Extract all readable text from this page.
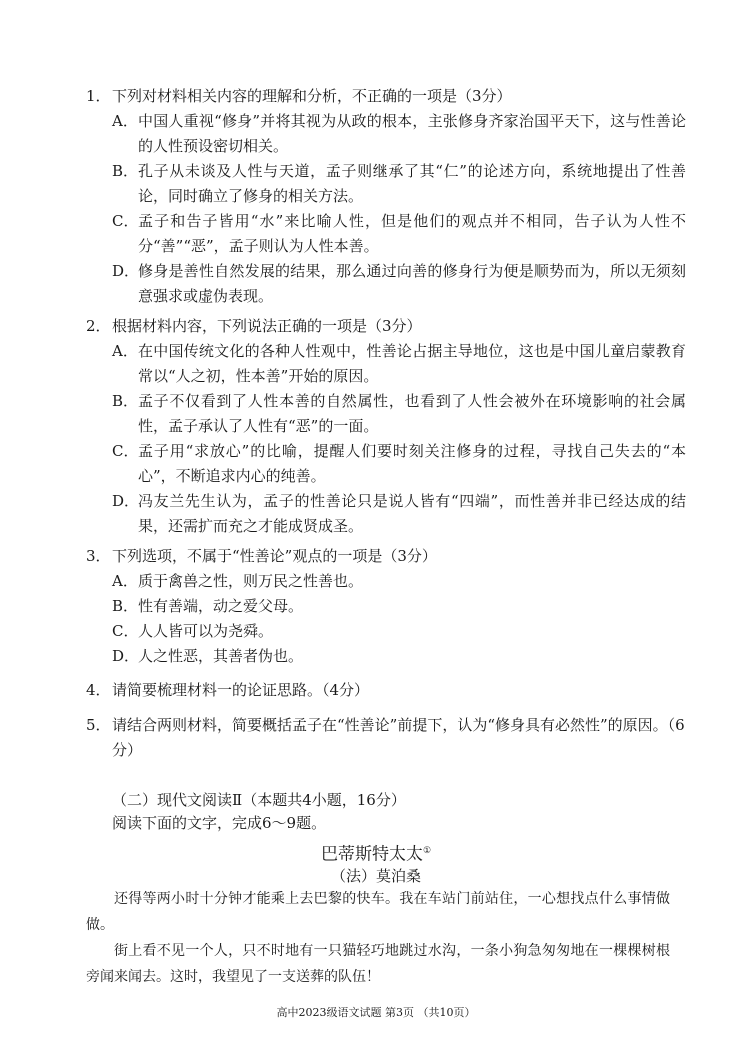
1． 下列对材料相关内容的理解和分析，不正确的一项是（3分）
A． 中国人重视“修身”并将其视为从政的根本，主张修身齐家治国平天下，这与性善论的人性预设密切相关。
B． 孔子从未谈及人性与天道，孟子则继承了其“仁”的论述方向，系统地提出了性善论，同时确立了修身的相关方法。
C． 孟子和告子皆用“水”来比喻人性，但是他们的观点并不相同，告子认为人性不分“善”“恶”，孟子则认为人性本善。
D．
修身是善性自然发展的结果，那么通过向善的修身行为便是顺势而为，所以无须刻意强求或虚伪表现。
2． 根据材料内容，下列说法正确的一项是（3分）
A． 在中国传统文化的各种人性观中，性善论占据主导地位，这也是中国儿童启蒙教育常以“人之初，性本善”开始的原因。
B． 孟子不仅看到了人性本善的自然属性，也看到了人性会被外在环境影响的社会属性，孟子承认了人性有“恶”的一面。
C． 孟子用“求放心”的比喻，提醒人们要时刻关注修身的过程，寻找自己失去的“本心”，不断追求内心的纯善。
D．
冯友兰先生认为，孟子的性善论只是说人皆有“四端”，而性善并非已经达成的结果，还需扩而充之才能成贤成圣。
3． 下列选项，不属于“性善论”观点的一项是（3分）
A． 质于禽兽之性，则万民之性善也。
B． 性有善端，动之爱父母。
C． 人人皆可以为尧舜。
D．
人之性恶，其善者伪也。
4． 请简要梳理材料一的论证思路。（4分）
5． 请结合两则材料，简要概括孟子在“性善论”前提下，认为“修身具有必然性”的原因。（6分）
（二）现代文阅读Ⅱ（本题共4小题，16分）
阅读下面的文字，完成6～9题。
巴蒂斯特太太①
（法）莫泊桑

还得等两小时十分钟才能乘上去巴黎的快车。我在车站门前站住，一心想找点什么事情做做。

街上看不见一个人，只不时地有一只猫轻巧地跳过水沟，一条小狗急匆匆地在一棵棵树根旁闻来闻去。这时，我望见了一支送葬的队伍！

高中2023级语文试题 第3页 （共10页）
